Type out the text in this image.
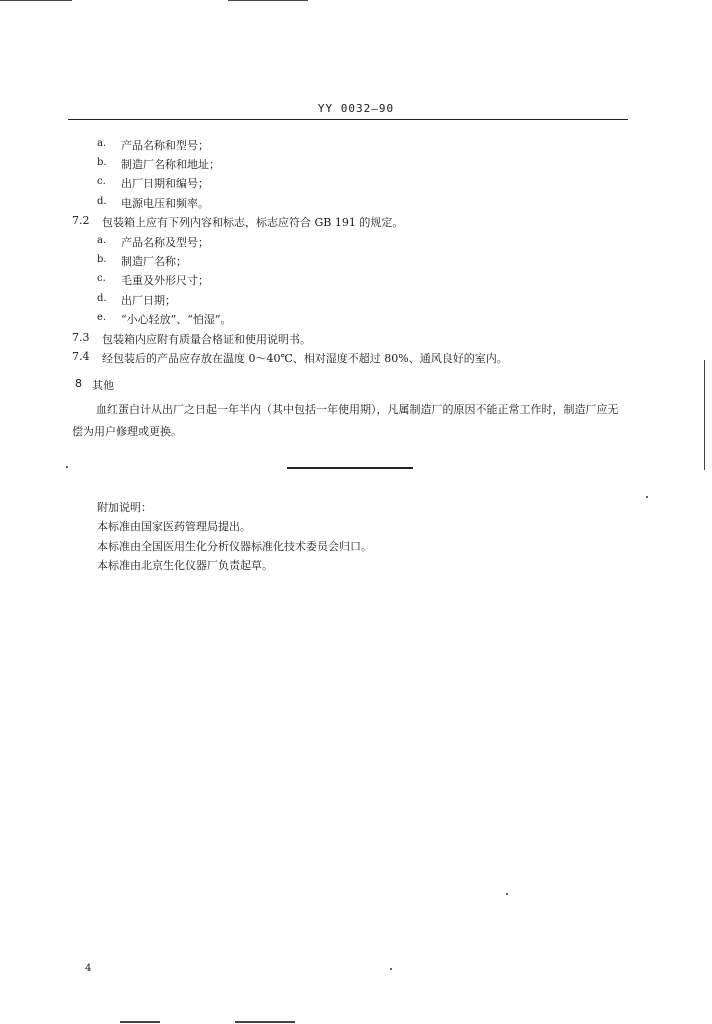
YY 0032—90
a.	产品名称和型号；
b.	制造厂名称和地址；
c.	出厂日期和编号；
d.	电源电压和频率。
7.2 包装箱上应有下列内容和标志，标志应符合 GB 191 的规定。
a.	产品名称及型号；
b.	制造厂名称；
c.	毛重及外形尺寸；
d.	出厂日期；
e.	“小心轻放”、“怕湿”。
7.3 包装箱内应附有质量合格证和使用说明书。
7.4 经包装后的产品应存放在温度 0～40℃、相对湿度不超过 80%、通风良好的室内。
8 其他
血红蛋白计从出厂之日起一年半内（其中包括一年使用期），凡属制造厂的原因不能正常工作时，制造厂应无偿为用户修理或更换。
附加说明：
本标准由国家医药管理局提出。
本标准由全国医用生化分析仪器标准化技术委员会归口。
本标准由北京生化仪器厂负责起草。
4
